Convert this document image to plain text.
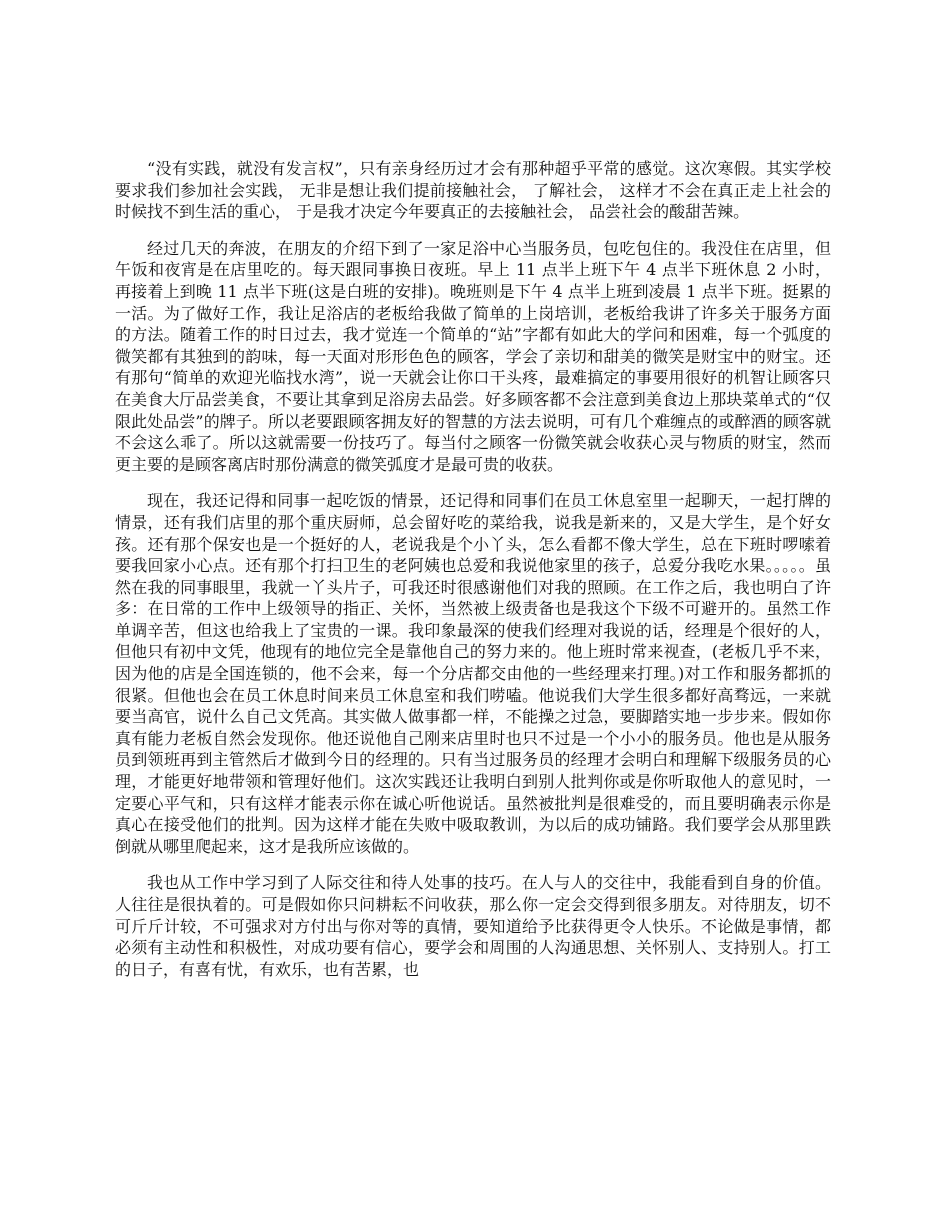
“没有实践，就没有发言权”，只有亲身经历过才会有那种超乎平常的感觉。这次寒假。其实学校要求我们参加社会实践， 无非是想让我们提前接触社会， 了解社会， 这样才不会在真正走上社会的时候找不到生活的重心， 于是我才决定今年要真正的去接触社会， 品尝社会的酸甜苦辣。

经过几天的奔波，在朋友的介绍下到了一家足浴中心当服务员，包吃包住的。我没住在店里，但午饭和夜宵是在店里吃的。每天跟同事换日夜班。早上 11 点半上班下午 4 点半下班休息 2 小时， 再接着上到晚 11 点半下班(这是白班的安排)。晚班则是下午 4 点半上班到凌晨 1 点半下班。挺累的一活。为了做好工作，我让足浴店的老板给我做了简单的上岗培训，老板给我讲了许多关于服务方面的方法。随着工作的时日过去，我才觉连一个简单的“站”字都有如此大的学问和困难，每一个弧度的微笑都有其独到的韵味，每一天面对形形色色的顾客，学会了亲切和甜美的微笑是财宝中的财宝。还有那句“简单的欢迎光临找水湾”，说一天就会让你口干头疼，最难搞定的事要用很好的机智让顾客只在美食大厅品尝美食，不要让其拿到足浴房去品尝。好多顾客都不会注意到美食边上那块菜单式的“仅限此处品尝”的牌子。所以老要跟顾客拥友好的智慧的方法去说明，可有几个难缠点的或醉酒的顾客就不会这么乖了。所以这就需要一份技巧了。每当付之顾客一份微笑就会收获心灵与物质的财宝，然而更主要的是顾客离店时那份满意的微笑弧度才是最可贵的收获。

现在，我还记得和同事一起吃饭的情景，还记得和同事们在员工休息室里一起聊天，一起打牌的情景，还有我们店里的那个重庆厨师，总会留好吃的菜给我，说我是新来的，又是大学生，是个好女孩。还有那个保安也是一个挺好的人，老说我是个小丫头，怎么看都不像大学生，总在下班时啰嗦着要我回家小心点。还有那个打扫卫生的老阿姨也总爱和我说他家里的孩子，总爱分我吃水果。。。。。虽然在我的同事眼里，我就一丫头片子，可我还时很感谢他们对我的照顾。在工作之后，我也明白了许多：在日常的工作中上级领导的指正、关怀，当然被上级责备也是我这个下级不可避开的。虽然工作单调辛苦，但这也给我上了宝贵的一课。我印象最深的使我们经理对我说的话，经理是个很好的人，但他只有初中文凭，他现有的地位完全是靠他自己的努力来的。他上班时常来视查，(老板几乎不来，因为他的店是全国连锁的，他不会来，每一个分店都交由他的一些经理来打理。)对工作和服务都抓的很紧。但他也会在员工休息时间来员工休息室和我们唠嗑。他说我们大学生很多都好高骛远，一来就要当高官，说什么自己文凭高。其实做人做事都一样，不能操之过急，要脚踏实地一步步来。假如你真有能力老板自然会发现你。他还说他自己刚来店里时也只不过是一个小小的服务员。他也是从服务员到领班再到主管然后才做到今日的经理的。只有当过服务员的经理才会明白和理解下级服务员的心理，才能更好地带领和管理好他们。这次实践还让我明白到别人批判你或是你听取他人的意见时，一定要心平气和，只有这样才能表示你在诚心听他说话。虽然被批判是很难受的，而且要明确表示你是真心在接受他们的批判。因为这样才能在失败中吸取教训，为以后的成功铺路。我们要学会从那里跌倒就从哪里爬起来，这才是我所应该做的。

我也从工作中学习到了人际交往和待人处事的技巧。在人与人的交往中，我能看到自身的价值。人往往是很执着的。可是假如你只问耕耘不问收获，那么你一定会交得到很多朋友。对待朋友，切不可斤斤计较，不可强求对方付出与你对等的真情，要知道给予比获得更令人快乐。不论做是事情，都必须有主动性和积极性，对成功要有信心，要学会和周围的人沟通思想、关怀别人、支持别人。打工的日子，有喜有忧，有欢乐，也有苦累，也
